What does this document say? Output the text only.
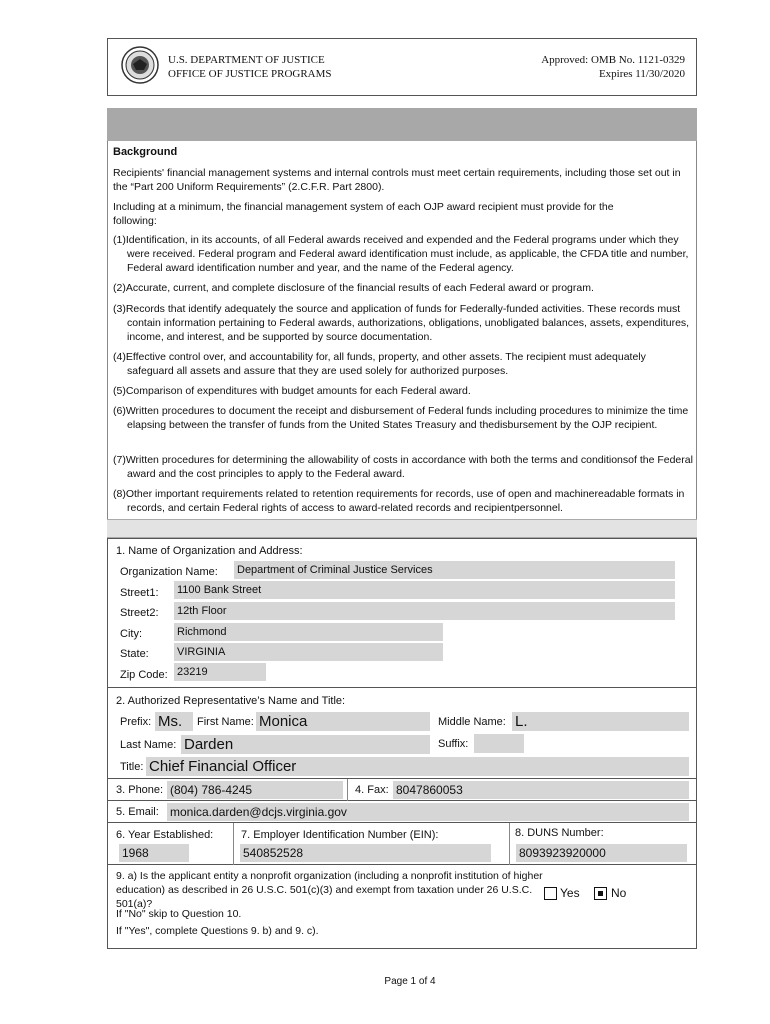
U.S. DEPARTMENT OF JUSTICE
OFFICE OF JUSTICE PROGRAMS
Approved: OMB No. 1121-0329
Expires 11/30/2020
Background
Recipients' financial management systems and internal controls must meet certain requirements, including those set out in the “Part 200 Uniform Requirements” (2.C.F.R. Part 2800).
Including at a minimum, the financial management system of each OJP award recipient must provide for the following:
(1)Identification, in its accounts, of all Federal awards received and expended and the Federal programs under which they were received. Federal program and Federal award identification must include, as applicable, the CFDA title and number, Federal award identification number and year, and the name of the Federal agency.
(2)Accurate, current, and complete disclosure of the financial results of each Federal award or program.
(3)Records that identify adequately the source and application of funds for Federally-funded activities. These records must contain information pertaining to Federal awards, authorizations, obligations, unobligated balances, assets, expenditures, income, and interest, and be supported by source documentation.
(4)Effective control over, and accountability for, all funds, property, and other assets. The recipient must adequately safeguard all assets and assure that they are used solely for authorized purposes.
(5)Comparison of expenditures with budget amounts for each Federal award.
(6)Written procedures to document the receipt and disbursement of Federal funds including procedures to minimize the time elapsing between the transfer of funds from the United States Treasury and thedisbursement by the OJP recipient.
(7)Written procedures for determining the allowability of costs in accordance with both the terms and conditionsof the Federal award and the cost principles to apply to the Federal award.
(8)Other important requirements related to retention requirements for records, use of open and machinereadable formats in records, and certain Federal rights of access to award-related records and recipientpersonnel.
1. Name of Organization and Address:
Organization Name: Department of Criminal Justice Services
Street1: 1100 Bank Street
Street2: 12th Floor
City:	Richmond
State:	VIRGINIA
Zip Code: 23219
2. Authorized Representative’s Name and Title:
Prefix: Ms.	First Name: Monica	Middle Name: L.
Last Name: Darden	Suffix:
Title: Chief Financial Officer
3. Phone: (804) 786-4245	4. Fax: 8047860053
5. Email: monica.darden@dcjs.virginia.gov
6. Year Established:
1968
7. Employer Identification Number (EIN):
540852528
8. DUNS Number:
8093923920000
9. a) Is the applicant entity a nonprofit organization (including a nonprofit institution of higher education) as described in 26 U.S.C. 501(c)(3) and exempt from taxation under 26 U.S.C. 501(a)?
Yes	No
If "No" skip to Question 10.
If "Yes", complete Questions 9. b) and 9. c).
Page 1 of 4
